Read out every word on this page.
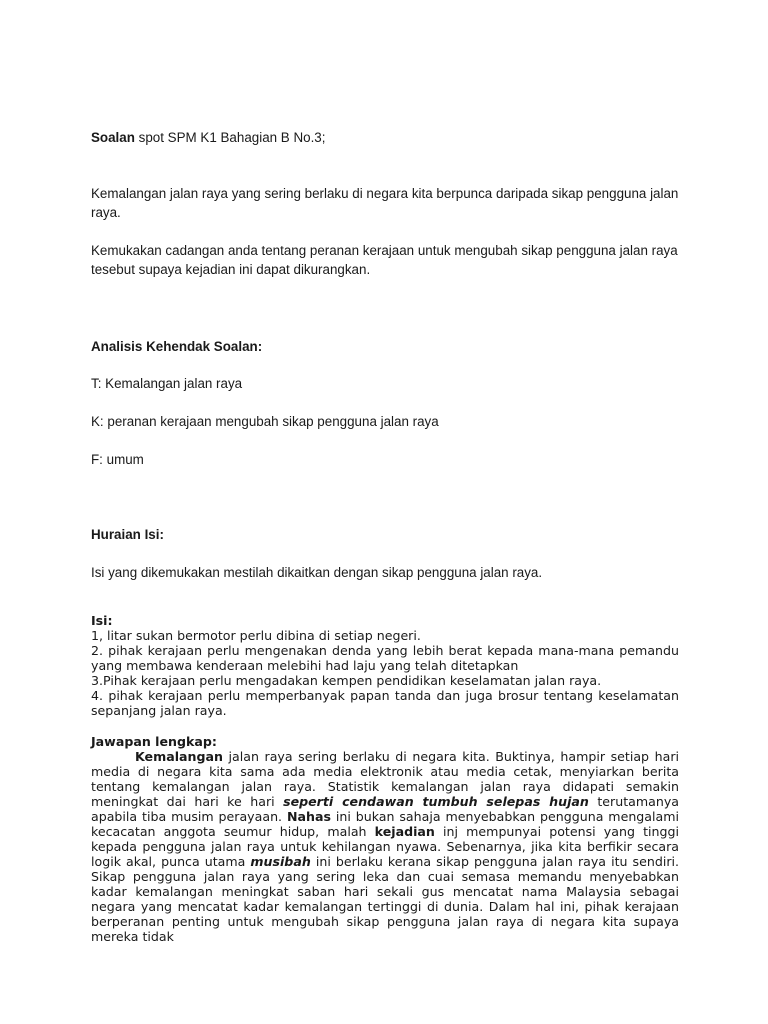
Soalan spot SPM K1 Bahagian B No.3;

Kemalangan jalan raya yang sering berlaku di negara kita berpunca daripada sikap pengguna jalan raya.

Kemukakan cadangan anda tentang peranan kerajaan untuk mengubah sikap pengguna jalan raya tesebut supaya kejadian ini dapat dikurangkan.

Analisis Kehendak Soalan:

T: Kemalangan jalan raya

K: peranan kerajaan mengubah sikap pengguna jalan raya

F: umum

Huraian Isi:

Isi yang dikemukakan mestilah dikaitkan dengan sikap pengguna jalan raya.

Isi:

1, litar sukan bermotor perlu dibina di setiap negeri.

2. pihak kerajaan perlu mengenakan denda yang lebih berat kepada mana-mana pemandu yang membawa kenderaan melebihi had laju yang telah ditetapkan

3.Pihak kerajaan perlu mengadakan kempen pendidikan keselamatan jalan raya.

4. pihak kerajaan perlu memperbanyak papan tanda dan juga brosur tentang keselamatan sepanjang jalan raya.

Jawapan lengkap:

Kemalangan jalan raya sering berlaku di negara kita. Buktinya, hampir setiap hari media di negara kita sama ada media elektronik atau media cetak, menyiarkan berita tentang kemalangan jalan raya. Statistik kemalangan jalan raya didapati semakin meningkat dai hari ke hari seperti cendawan tumbuh selepas hujan terutamanya apabila tiba musim perayaan. Nahas ini bukan sahaja menyebabkan pengguna mengalami kecacatan anggota seumur hidup, malah kejadian inj mempunyai potensi yang tinggi kepada pengguna jalan raya untuk kehilangan nyawa. Sebenarnya, jika kita berfikir secara logik akal, punca utama musibah ini berlaku kerana sikap pengguna jalan raya itu sendiri. Sikap pengguna jalan raya yang sering leka dan cuai semasa memandu menyebabkan kadar kemalangan meningkat saban hari sekali gus mencatat nama Malaysia sebagai negara yang mencatat kadar kemalangan tertinggi di dunia. Dalam hal ini, pihak kerajaan berperanan penting untuk mengubah sikap pengguna jalan raya di negara kita supaya mereka tidak
